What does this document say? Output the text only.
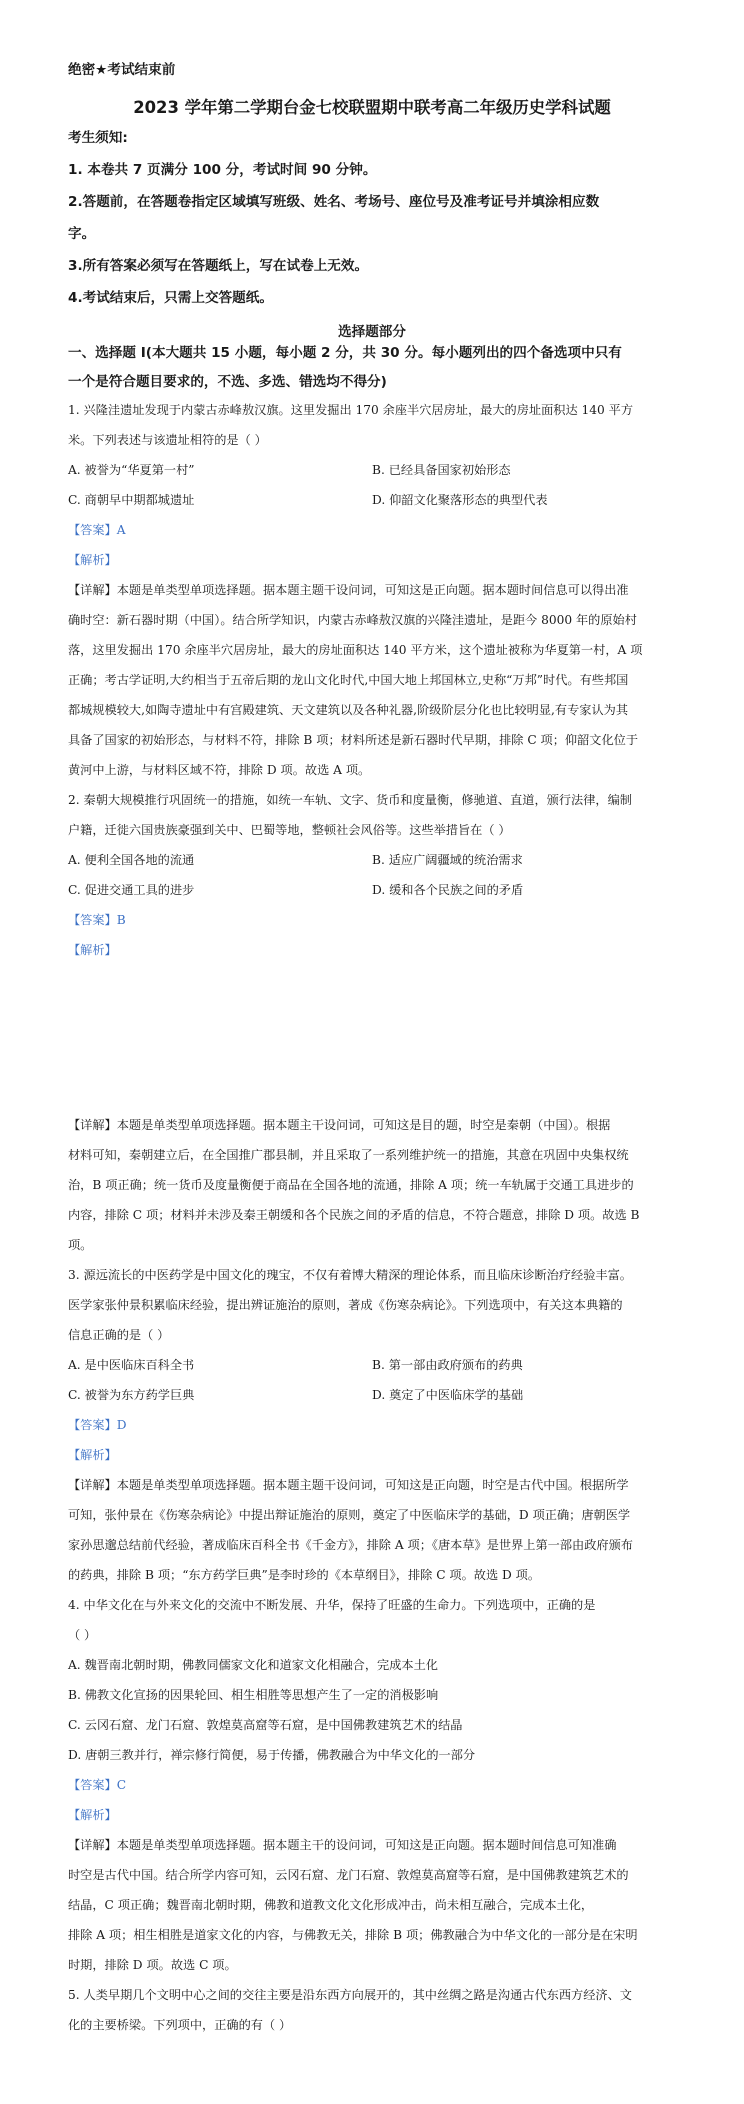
绝密★考试结束前
2023 学年第二学期台金七校联盟期中联考高二年级历史学科试题
考生须知:
1. 本卷共 7 页满分 100 分，考试时间 90 分钟。
2.答题前，在答题卷指定区域填写班级、姓名、考场号、座位号及准考证号并填涂相应数
字。
3.所有答案必须写在答题纸上，写在试卷上无效。
4.考试结束后，只需上交答题纸。
选择题部分
一、选择题 Ⅰ(本大题共 15 小题，每小题 2 分，共 30 分。每小题列出的四个备选项中只有
一个是符合题目要求的，不选、多选、错选均不得分)
1. 兴隆洼遗址发现于内蒙古赤峰敖汉旗。这里发掘出 170 余座半穴居房址，最大的房址面积达 140 平方
米。下列表述与该遗址相符的是（ ）
A. 被誉为“华夏第一村”	B. 已经具备国家初始形态
C. 商朝早中期都城遗址	D. 仰韶文化聚落形态的典型代表
【答案】A
【解析】
【详解】本题是单类型单项选择题。据本题主题干设问词，可知这是正向题。据本题时间信息可以得出准
确时空：新石器时期（中国）。结合所学知识，内蒙古赤峰敖汉旗的兴隆洼遗址，是距今 8000 年的原始村
落，这里发掘出 170 余座半穴居房址，最大的房址面积达 140 平方米，这个遗址被称为华夏第一村，A 项
正确；考古学证明,大约相当于五帝后期的龙山文化时代,中国大地上邦国林立,史称“万邦”时代。有些邦国
都城规模较大,如陶寺遗址中有宫殿建筑、天文建筑以及各种礼器,阶级阶层分化也比较明显,有专家认为其
具备了国家的初始形态，与材料不符，排除 B 项；材料所述是新石器时代早期，排除 C 项；仰韶文化位于
黄河中上游，与材料区域不符，排除 D 项。故选 A 项。
2. 秦朝大规模推行巩固统一的措施，如统一车轨、文字、货币和度量衡，修驰道、直道，颁行法律，编制
户籍，迁徙六国贵族豪强到关中、巴蜀等地，整顿社会风俗等。这些举措旨在（ ）
A. 便利全国各地的流通	B. 适应广阔疆域的统治需求
C. 促进交通工具的进步	D. 缓和各个民族之间的矛盾
【答案】B
【解析】
【详解】本题是单类型单项选择题。据本题主干设问词，可知这是目的题，时空是秦朝（中国）。根据
材料可知，秦朝建立后，在全国推广郡县制，并且采取了一系列维护统一的措施，其意在巩固中央集权统
治，B 项正确；统一货币及度量衡便于商品在全国各地的流通，排除 A 项；统一车轨属于交通工具进步的
内容，排除 C 项；材料并未涉及秦王朝缓和各个民族之间的矛盾的信息，不符合题意，排除 D 项。故选 B
项。
3. 源远流长的中医药学是中国文化的瑰宝，不仅有着博大精深的理论体系，而且临床诊断治疗经验丰富。
医学家张仲景积累临床经验，提出辨证施治的原则，著成《伤寒杂病论》。下列选项中，有关这本典籍的
信息正确的是（ ）
A. 是中医临床百科全书	B. 第一部由政府颁布的药典
C. 被誉为东方药学巨典	D. 奠定了中医临床学的基础
【答案】D
【解析】
【详解】本题是单类型单项选择题。据本题主题干设问词，可知这是正向题，时空是古代中国。根据所学
可知，张仲景在《伤寒杂病论》中提出辩证施治的原则，奠定了中医临床学的基础，D 项正确；唐朝医学
家孙思邈总结前代经验，著成临床百科全书《千金方》，排除 A 项；《唐本草》是世界上第一部由政府颁布
的药典，排除 B 项；“东方药学巨典”是李时珍的《本草纲目》，排除 C 项。故选 D 项。
4. 中华文化在与外来文化的交流中不断发展、升华，保持了旺盛的生命力。下列选项中，正确的是
（ ）
A. 魏晋南北朝时期，佛教同儒家文化和道家文化相融合，完成本土化
B. 佛教文化宣扬的因果轮回、相生相胜等思想产生了一定的消极影响
C. 云冈石窟、龙门石窟、敦煌莫高窟等石窟，是中国佛教建筑艺术的结晶
D. 唐朝三教并行，禅宗修行简便，易于传播，佛教融合为中华文化的一部分
【答案】C
【解析】
【详解】本题是单类型单项选择题。据本题主干的设问词，可知这是正向题。据本题时间信息可知准确
时空是古代中国。结合所学内容可知，云冈石窟、龙门石窟、敦煌莫高窟等石窟，是中国佛教建筑艺术的
结晶，C 项正确；魏晋南北朝时期，佛教和道教文化文化形成冲击，尚未相互融合，完成本土化，
排除 A 项；相生相胜是道家文化的内容，与佛教无关，排除 B 项；佛教融合为中华文化的一部分是在宋明
时期，排除 D 项。故选 C 项。
5. 人类早期几个文明中心之间的交往主要是沿东西方向展开的，其中丝绸之路是沟通古代东西方经济、文
化的主要桥梁。下列项中，正确的有（ ）
